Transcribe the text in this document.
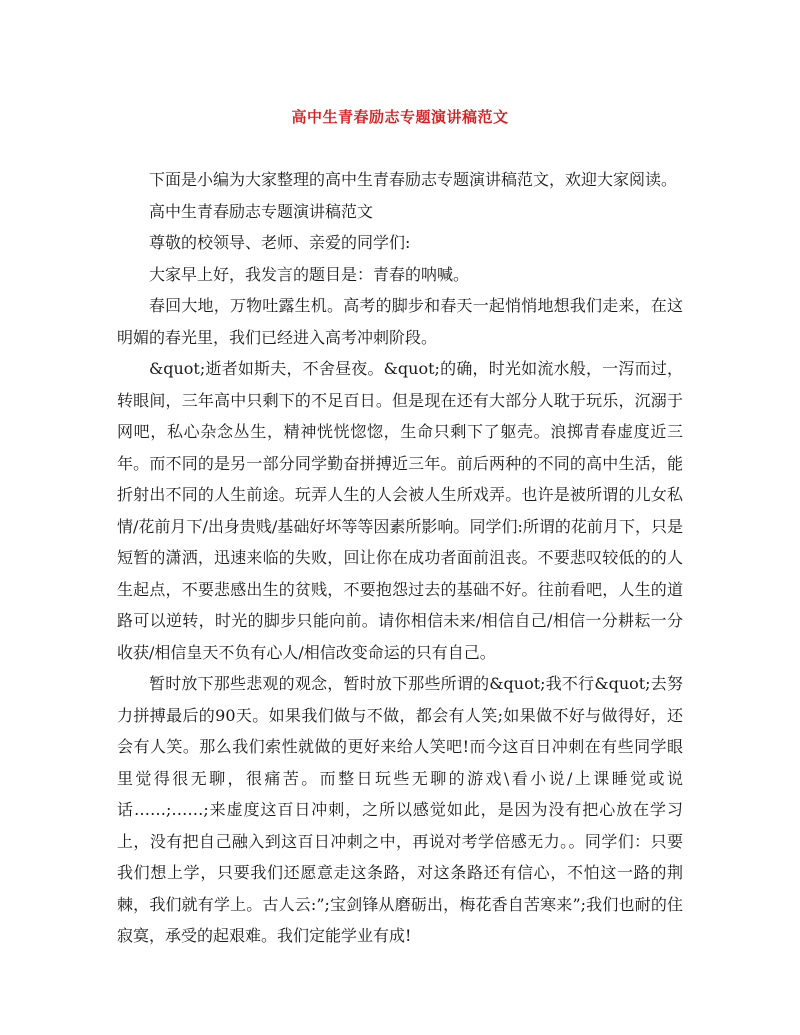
高中生青春励志专题演讲稿范文

下面是小编为大家整理的高中生青春励志专题演讲稿范文，欢迎大家阅读。

高中生青春励志专题演讲稿范文

尊敬的校领导、老师、亲爱的同学们:

大家早上好，我发言的题目是：青春的呐喊。

春回大地，万物吐露生机。高考的脚步和春天一起悄悄地想我们走来，在这明媚的春光里，我们已经进入高考冲刺阶段。

&quot;逝者如斯夫，不舍昼夜。&quot;的确，时光如流水般，一泻而过，转眼间，三年高中只剩下的不足百日。但是现在还有大部分人耽于玩乐，沉溺于网吧，私心杂念丛生，精神恍恍惚惚，生命只剩下了躯壳。浪掷青春虚度近三年。而不同的是另一部分同学勤奋拼搏近三年。前后两种的不同的高中生活，能折射出不同的人生前途。玩弄人生的人会被人生所戏弄。也许是被所谓的儿女私情/花前月下/出身贵贱/基础好坏等等因素所影响。同学们:所谓的花前月下，只是短暂的潇洒，迅速来临的失败，回让你在成功者面前沮丧。不要悲叹较低的的人生起点，不要悲感出生的贫贱，不要抱怨过去的基础不好。往前看吧，人生的道路可以逆转，时光的脚步只能向前。请你相信未来/相信自己/相信一分耕耘一分收获/相信皇天不负有心人/相信改变命运的只有自己。

暂时放下那些悲观的观念，暂时放下那些所谓的&quot;我不行&quot;去努力拼搏最后的90天。如果我们做与不做，都会有人笑;如果做不好与做得好，还会有人笑。那么我们索性就做的更好来给人笑吧!而今这百日冲刺在有些同学眼里觉得很无聊，很痛苦。而整日玩些无聊的游戏\看小说/上课睡觉或说话……;……;来虚度这百日冲刺，之所以感觉如此，是因为没有把心放在学习上，没有把自己融入到这百日冲刺之中，再说对考学倍感无力。。同学们：只要我们想上学，只要我们还愿意走这条路，对这条路还有信心，不怕这一路的荆棘，我们就有学上。古人云:”;宝剑锋从磨砺出，梅花香自苦寒来”;我们也耐的住寂寞，承受的起艰难。我们定能学业有成!
